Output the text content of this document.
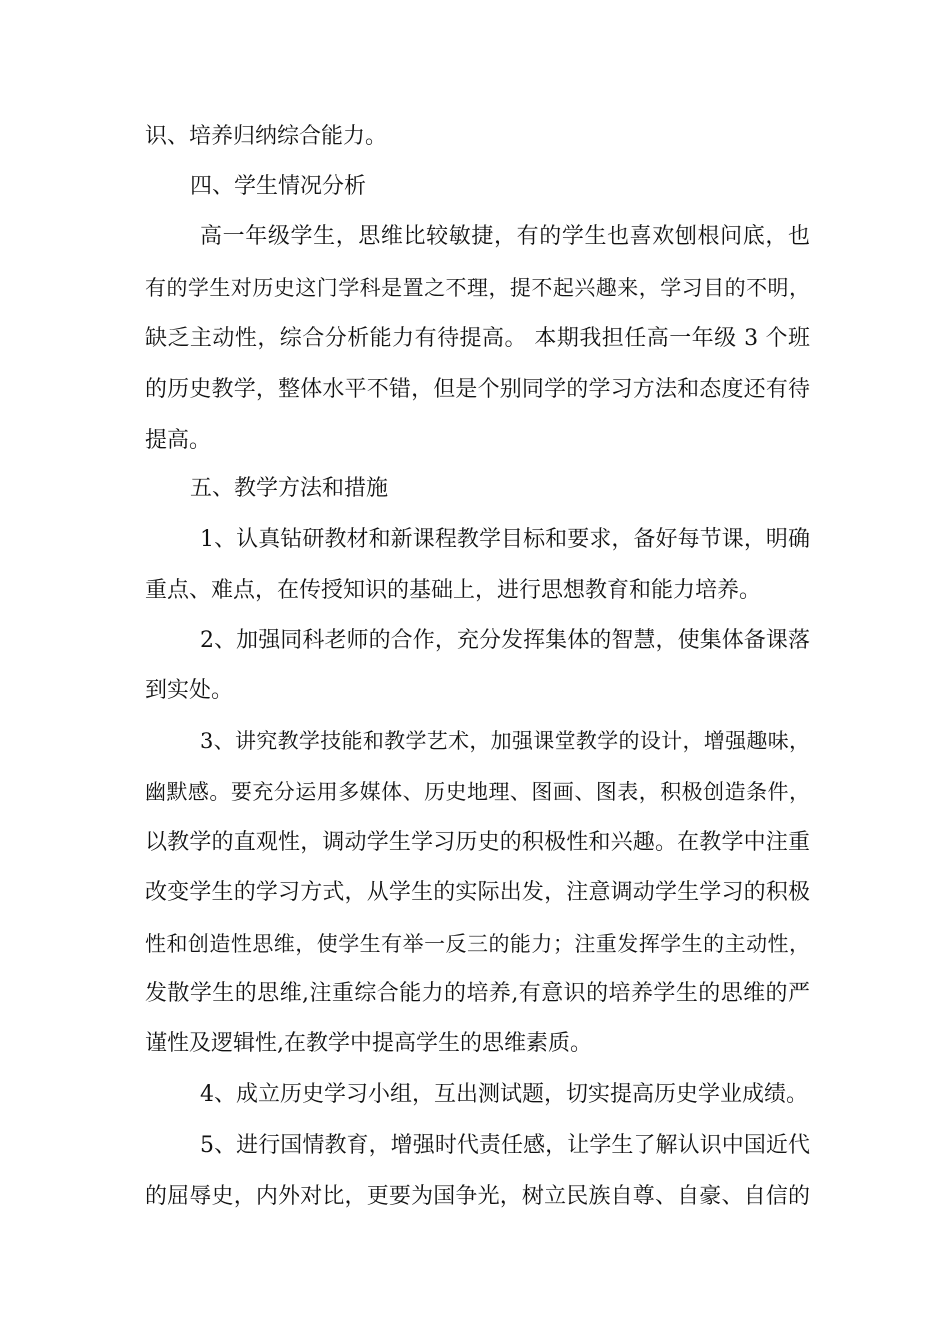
识、培养归纳综合能力。
四、学生情况分析
高一年级学生，思维比较敏捷，有的学生也喜欢刨根问底，也
有的学生对历史这门学科是置之不理，提不起兴趣来，学习目的不明，
缺乏主动性，综合分析能力有待提高。 本期我担任高一年级 3 个班
的历史教学，整体水平不错，但是个别同学的学习方法和态度还有待
提高。
五、教学方法和措施
1、认真钻研教材和新课程教学目标和要求，备好每节课，明确
重点、难点，在传授知识的基础上，进行思想教育和能力培养。
2、加强同科老师的合作，充分发挥集体的智慧，使集体备课落
到实处。
3、讲究教学技能和教学艺术，加强课堂教学的设计，增强趣味，
幽默感。要充分运用多媒体、历史地理、图画、图表，积极创造条件，
以教学的直观性，调动学生学习历史的积极性和兴趣。在教学中注重
改变学生的学习方式，从学生的实际出发，注意调动学生学习的积极
性和创造性思维，使学生有举一反三的能力；注重发挥学生的主动性，
发散学生的思维,注重综合能力的培养,有意识的培养学生的思维的严
谨性及逻辑性,在教学中提高学生的思维素质。
4、成立历史学习小组，互出测试题，切实提高历史学业成绩。
5、进行国情教育，增强时代责任感，让学生了解认识中国近代
的屈辱史，内外对比，更要为国争光，树立民族自尊、自豪、自信的
